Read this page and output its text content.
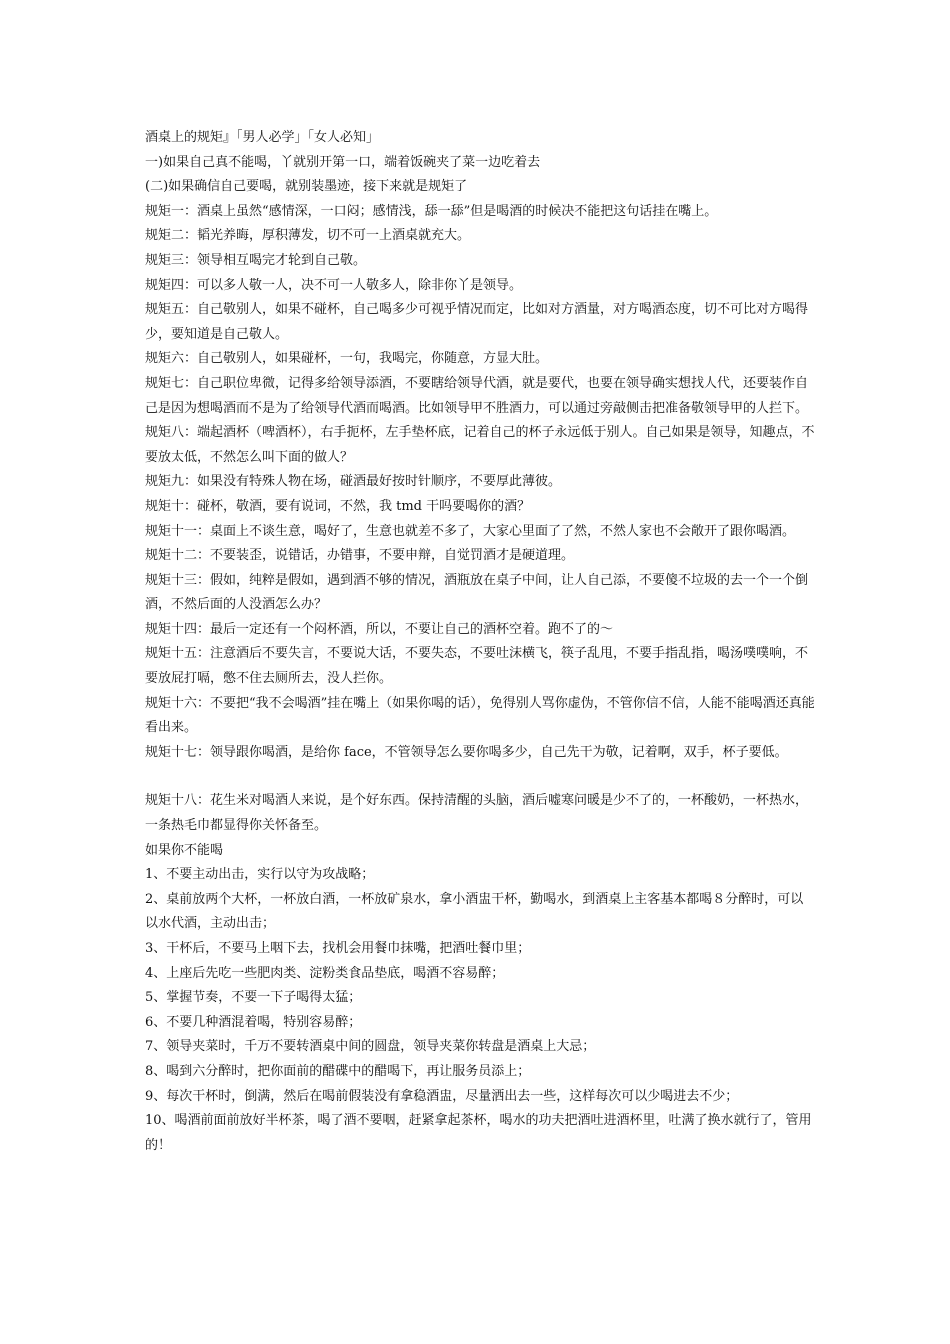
酒桌上的规矩』「男人必学」「女人必知」

一)如果自己真不能喝，丫就别开第一口，端着饭碗夹了菜一边吃着去

(二)如果确信自己要喝，就别装墨迹，接下来就是规矩了

规矩一：酒桌上虽然“感情深，一口闷；感情浅，舔一舔”但是喝酒的时候决不能把这句话挂在嘴上。

规矩二：韬光养晦，厚积薄发，切不可一上酒桌就充大。

规矩三：领导相互喝完才轮到自己敬。

规矩四：可以多人敬一人，决不可一人敬多人，除非你丫是领导。

规矩五：自己敬别人，如果不碰杯，自己喝多少可视乎情况而定，比如对方酒量，对方喝酒态度，切不可比对方喝得少，要知道是自己敬人。

规矩六：自己敬别人，如果碰杯，一句，我喝完，你随意，方显大肚。

规矩七：自己职位卑微，记得多给领导添酒，不要瞎给领导代酒，就是要代，也要在领导确实想找人代，还要装作自己是因为想喝酒而不是为了给领导代酒而喝酒。比如领导甲不胜酒力，可以通过旁敲侧击把准备敬领导甲的人拦下。

规矩八：端起酒杯（啤酒杯），右手扼杯，左手垫杯底，记着自己的杯子永远低于别人。自己如果是领导，知趣点，不要放太低，不然怎么叫下面的做人？

规矩九：如果没有特殊人物在场，碰酒最好按时针顺序，不要厚此薄彼。

规矩十：碰杯，敬酒，要有说词，不然，我 tmd 干吗要喝你的酒？

规矩十一：桌面上不谈生意，喝好了，生意也就差不多了，大家心里面了了然，不然人家也不会敞开了跟你喝酒。

规矩十二：不要装歪，说错话，办错事，不要申辩，自觉罚酒才是硬道理。

规矩十三：假如，纯粹是假如，遇到酒不够的情况，酒瓶放在桌子中间，让人自己添，不要傻不垃圾的去一个一个倒酒，不然后面的人没酒怎么办？

规矩十四：最后一定还有一个闷杯酒，所以，不要让自己的酒杯空着。跑不了的～

规矩十五：注意酒后不要失言，不要说大话，不要失态，不要吐沫横飞，筷子乱甩，不要手指乱指，喝汤噗噗响，不要放屁打嗝，憋不住去厕所去，没人拦你。

规矩十六：不要把“我不会喝酒”挂在嘴上（如果你喝的话），免得别人骂你虚伪，不管你信不信，人能不能喝酒还真能看出来。

规矩十七：领导跟你喝酒，是给你 face，不管领导怎么要你喝多少，自己先干为敬，记着啊，双手，杯子要低。

规矩十八：花生米对喝酒人来说，是个好东西。保持清醒的头脑，酒后嘘寒问暖是少不了的，一杯酸奶，一杯热水，一条热毛巾都显得你关怀备至。

如果你不能喝

1、不要主动出击，实行以守为攻战略；

2、桌前放两个大杯，一杯放白酒，一杯放矿泉水，拿小酒盅干杯，勤喝水，到酒桌上主客基本都喝８分醉时，可以以水代酒，主动出击；

3、干杯后，不要马上咽下去，找机会用餐巾抹嘴，把酒吐餐巾里；

4、上座后先吃一些肥肉类、淀粉类食品垫底，喝酒不容易醉；

5、掌握节奏，不要一下子喝得太猛；

6、不要几种酒混着喝，特别容易醉；

7、领导夹菜时，千万不要转酒桌中间的圆盘，领导夹菜你转盘是酒桌上大忌；

8、喝到六分醉时，把你面前的醋碟中的醋喝下，再让服务员添上；

9、每次干杯时，倒满，然后在喝前假装没有拿稳酒盅，尽量洒出去一些，这样每次可以少喝进去不少；

10、喝酒前面前放好半杯茶，喝了酒不要咽，赶紧拿起茶杯，喝水的功夫把酒吐进酒杯里，吐满了换水就行了，管用的！
